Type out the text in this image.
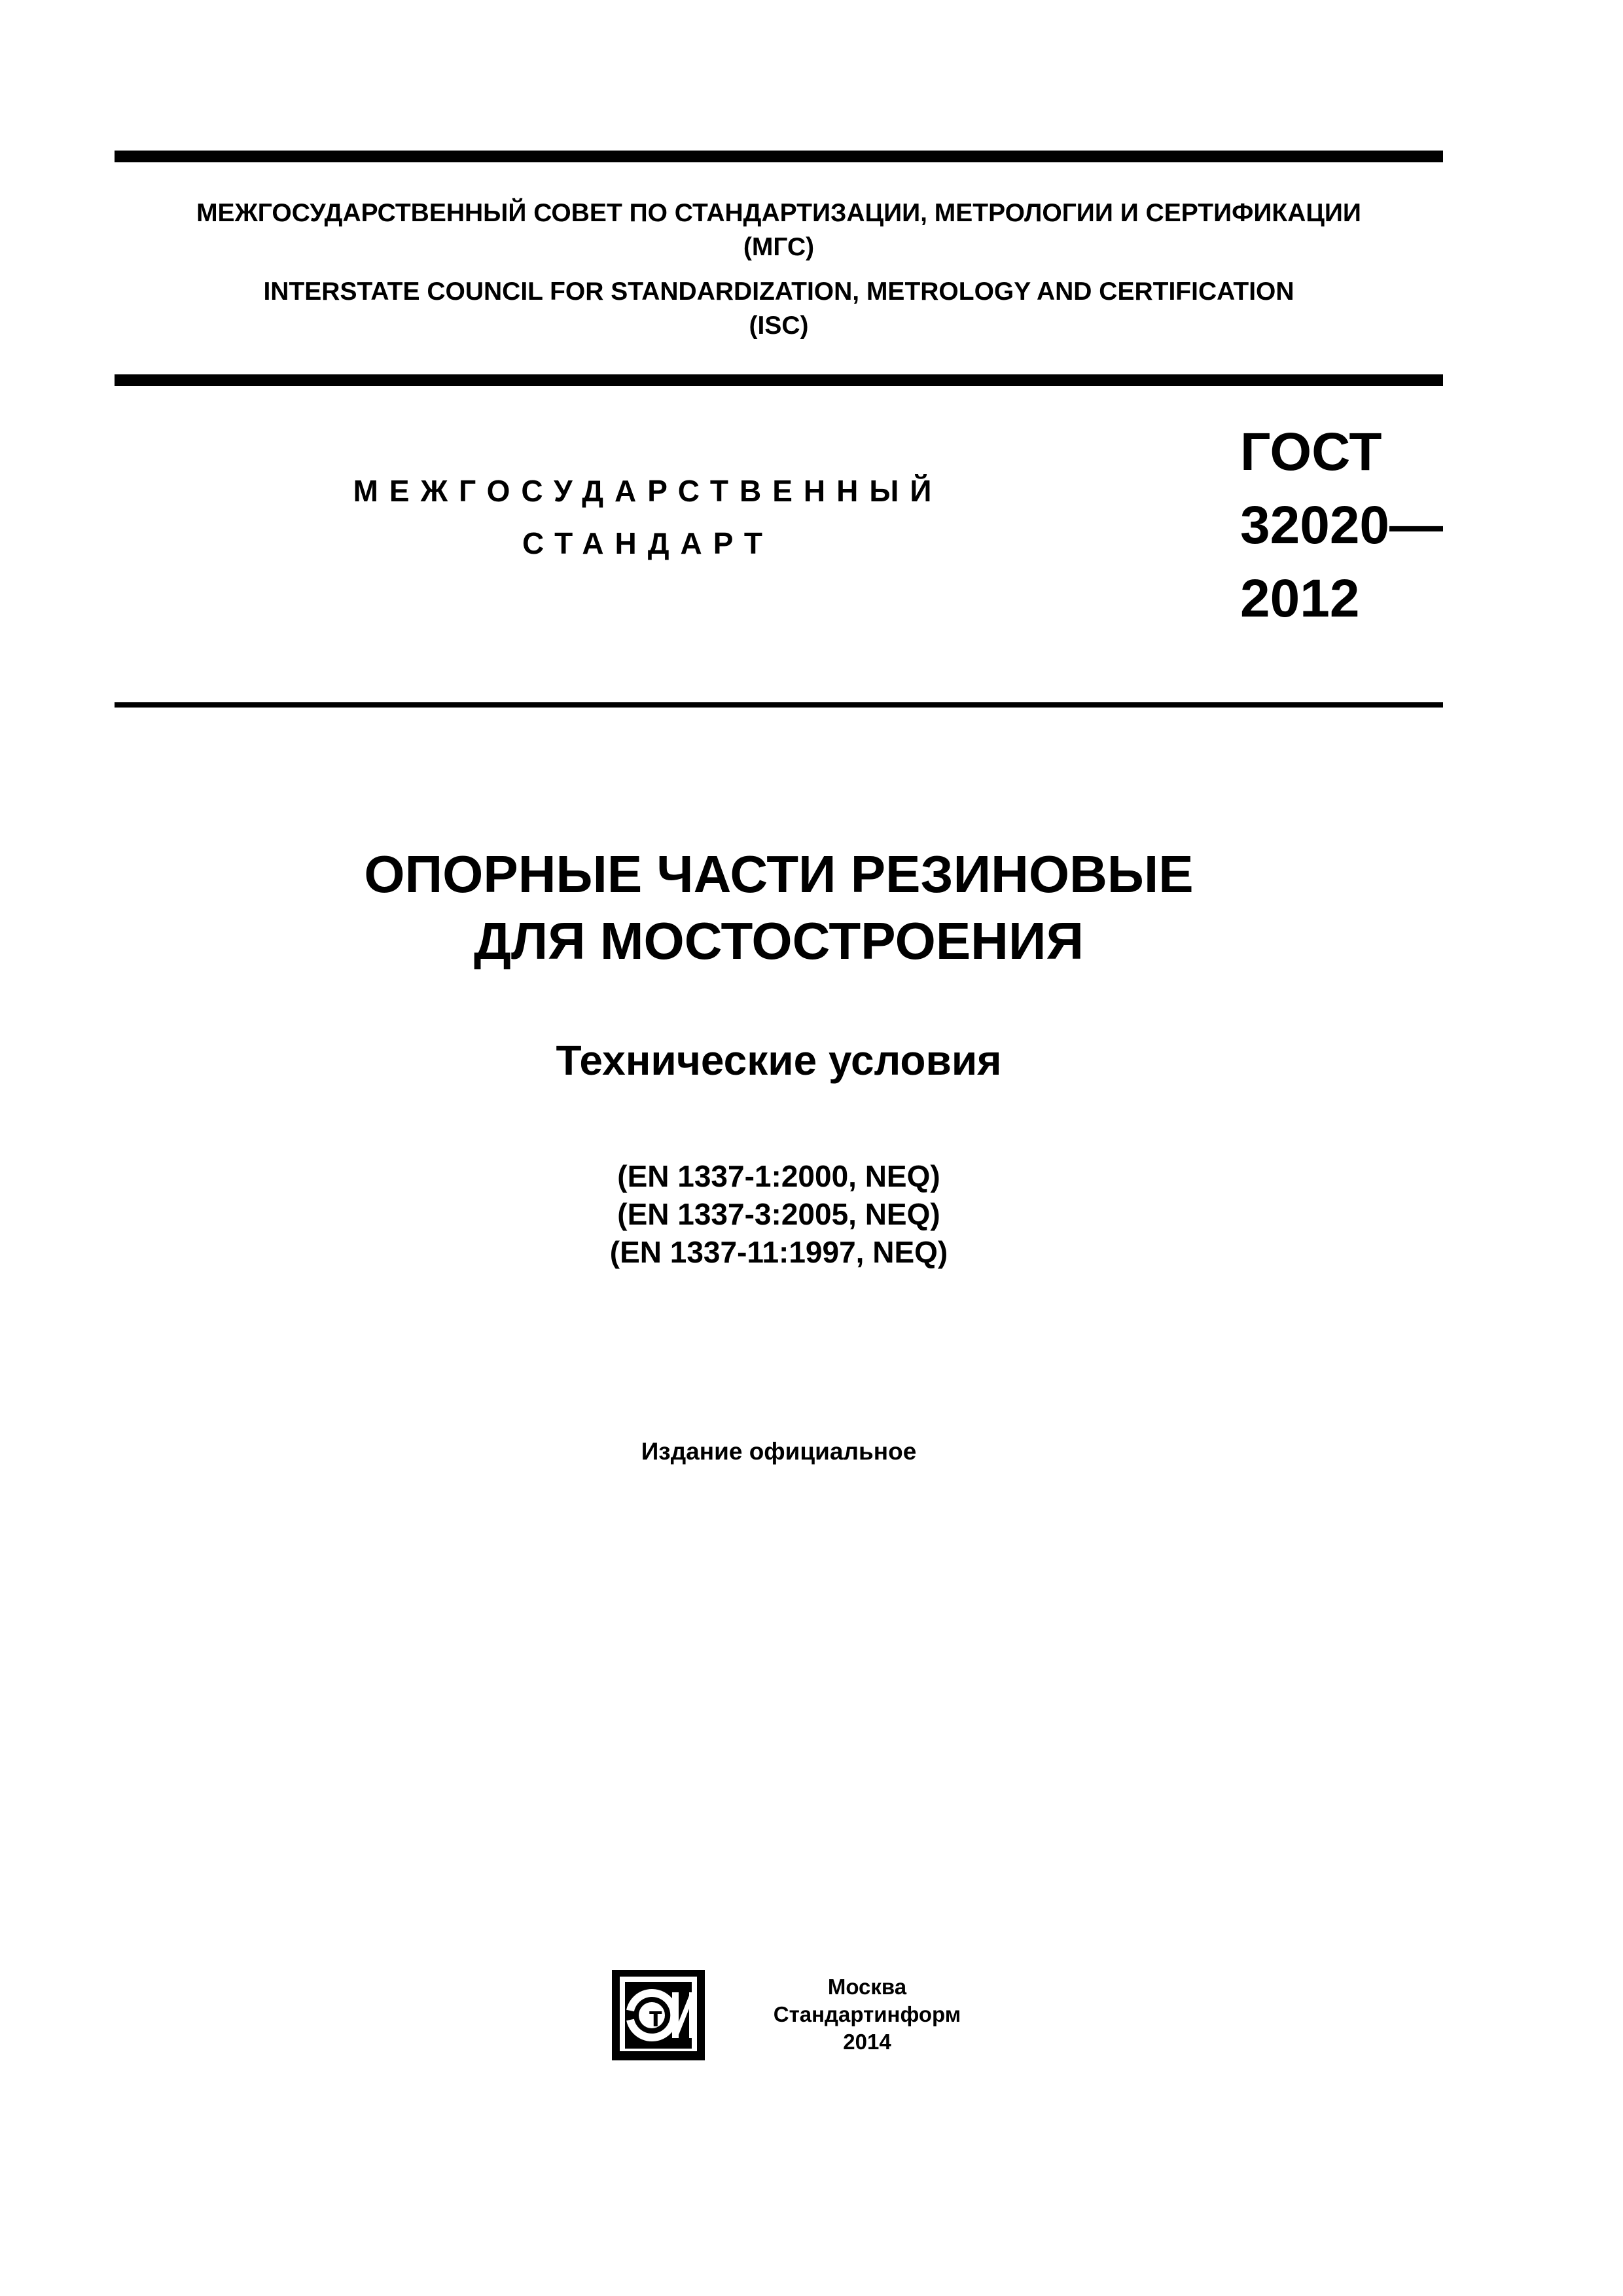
МЕЖГОСУДАРСТВЕННЫЙ СОВЕТ ПО СТАНДАРТИЗАЦИИ, МЕТРОЛОГИИ И СЕРТИФИКАЦИИ
(МГС)
INTERSTATE COUNCIL FOR STANDARDIZATION, METROLOGY AND CERTIFICATION
(ISC)
МЕЖГОСУДАРСТВЕННЫЙ
СТАНДАРТ
ГОСТ
32020—
2012
ОПОРНЫЕ ЧАСТИ РЕЗИНОВЫЕ
ДЛЯ МОСТОСТРОЕНИЯ
Технические условия
(EN 1337-1:2000, NEQ)
(EN 1337-3:2005, NEQ)
(EN 1337-11:1997, NEQ)
Издание официальное
т
Москва
Стандартинформ
2014
